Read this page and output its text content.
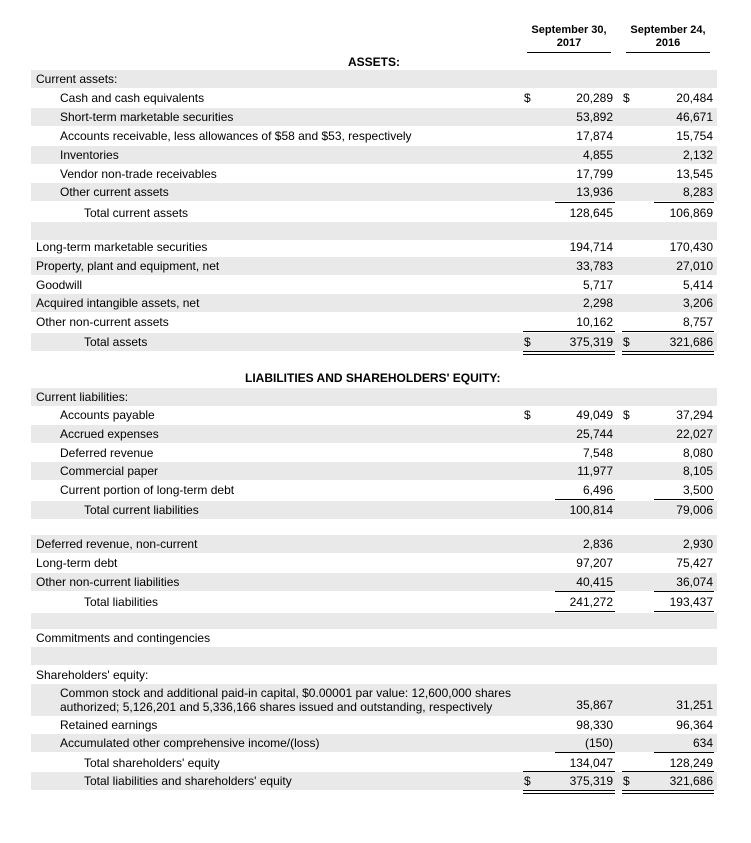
September 30,
2017
September 24,
2016
ASSETS:
Current assets:
Cash and cash equivalents	$	20,289 $	20,484
Short-term marketable securities	53,892	46,671
Accounts receivable, less allowances of $58 and $53, respectively	17,874	15,754
Inventories	4,855	2,132
Vendor non-trade receivables	17,799	13,545
Other current assets	13,936	8,283
Total current assets	128,645	106,869
Long-term marketable securities	194,714	170,430
Property, plant and equipment, net	33,783	27,010
Goodwill	5,717	5,414
Acquired intangible assets, net	2,298	3,206
Other non-current assets	10,162	8,757
Total assets	$	375,319 $	321,686
LIABILITIES AND SHAREHOLDERS' EQUITY:
Current liabilities:
Accounts payable	$	49,049 $	37,294
Accrued expenses	25,744	22,027
Deferred revenue	7,548	8,080
Commercial paper	11,977	8,105
Current portion of long-term debt	6,496	3,500
Total current liabilities	100,814	79,006
Deferred revenue, non-current	2,836	2,930
Long-term debt	97,207	75,427
Other non-current liabilities	40,415	36,074
Total liabilities	241,272	193,437
Commitments and contingencies
Shareholders' equity:
Common stock and additional paid-in capital, $0.00001 par value: 12,600,000 shares authorized; 5,126,201 and 5,336,166 shares issued and outstanding, respectively	35,867	31,251
Retained earnings	98,330	96,364
Accumulated other comprehensive income/(loss)	(150)	634
Total shareholders' equity	134,047	128,249
Total liabilities and shareholders' equity	$	375,319 $	321,686
